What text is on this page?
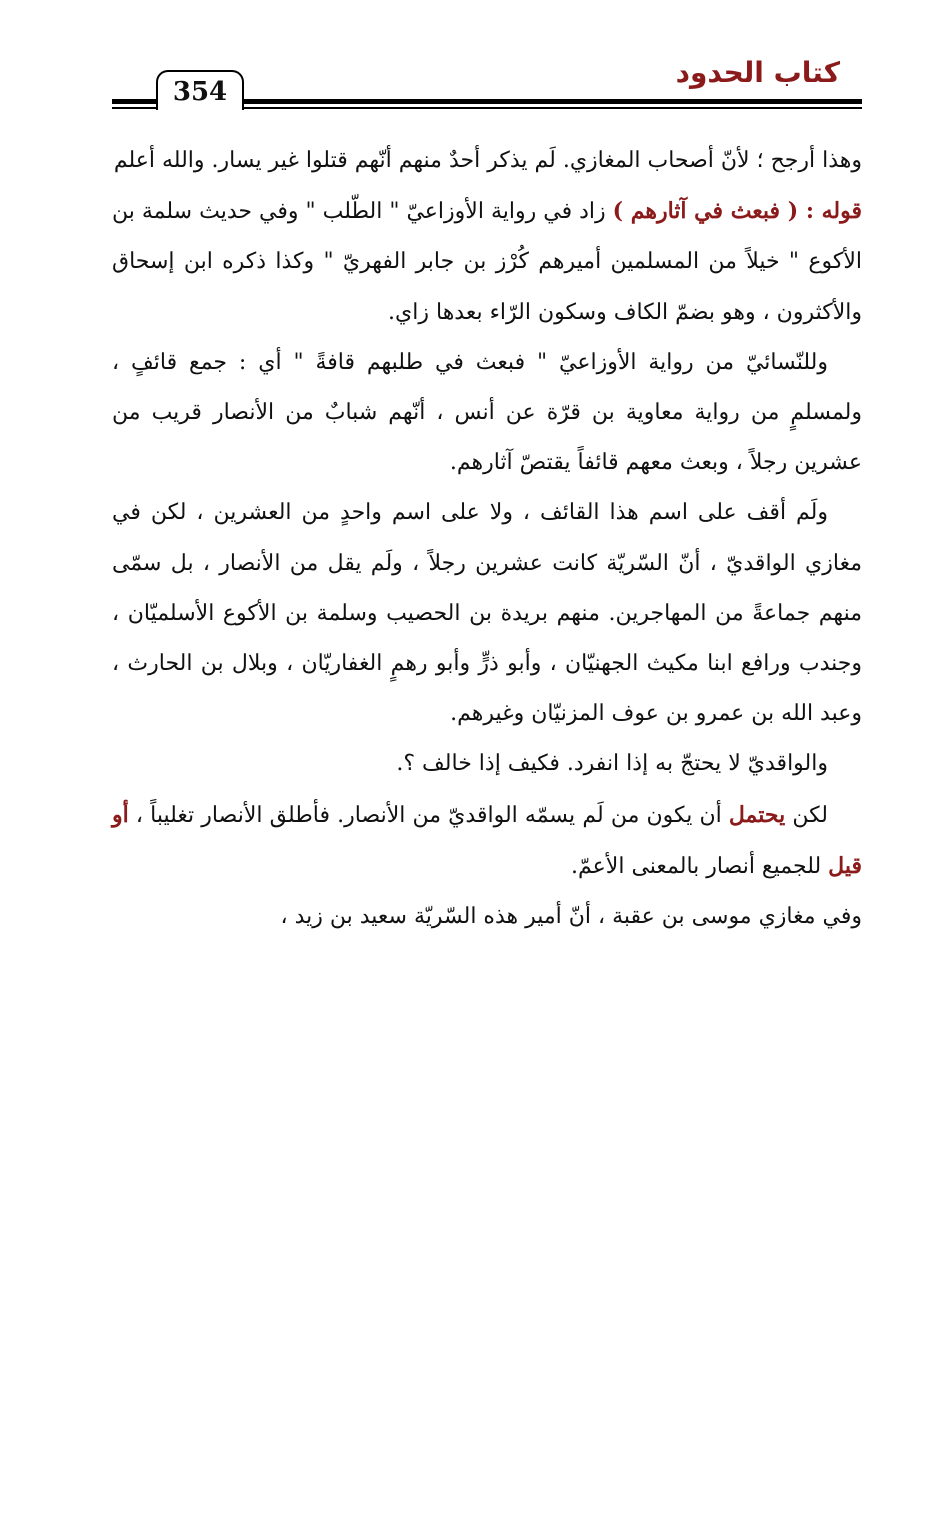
كتاب الحدود
354

وهذا أرجح ؛ لأنّ أصحاب المغازي. لَم يذكر أحدٌ منهم أنّهم قتلوا غير يسار. والله أعلم

قوله : ( فبعث في آثارهم ) زاد في رواية الأوزاعيّ " الطّلب " وفي حديث سلمة بن الأكوع " خيلاً من المسلمين أميرهم كُرْز بن جابر الفهريّ " وكذا ذكره ابن إسحاق والأكثرون ، وهو بضمّ الكاف وسكون الرّاء بعدها زاي.

وللنّسائيّ من رواية الأوزاعيّ " فبعث في طلبهم قافةً " أي : جمع قائفٍ ، ولمسلمٍ من رواية معاوية بن قرّة عن أنس ، أنّهم شبابٌ من الأنصار قريب من عشرين رجلاً ، وبعث معهم قائفاً يقتصّ آثارهم.

ولَم أقف على اسم هذا القائف ، ولا على اسم واحدٍ من العشرين ، لكن في مغازي الواقديّ ، أنّ السّريّة كانت عشرين رجلاً ، ولَم يقل من الأنصار ، بل سمّى منهم جماعةً من المهاجرين. منهم بريدة بن الحصيب وسلمة بن الأكوع الأسلميّان ، وجندب ورافع ابنا مكيث الجهنيّان ، وأبو ذرٍّ وأبو رهمٍ الغفاريّان ، وبلال بن الحارث ، وعبد الله بن عمرو بن عوف المزنيّان وغيرهم.

والواقديّ لا يحتجّ به إذا انفرد. فكيف إذا خالف ؟.

لكن يحتمل أن يكون من لَم يسمّه الواقديّ من الأنصار. فأطلق الأنصار تغليباً ، أو قيل للجميع أنصار بالمعنى الأعمّ.

وفي مغازي موسى بن عقبة ، أنّ أمير هذه السّريّة سعيد بن زيد ،
